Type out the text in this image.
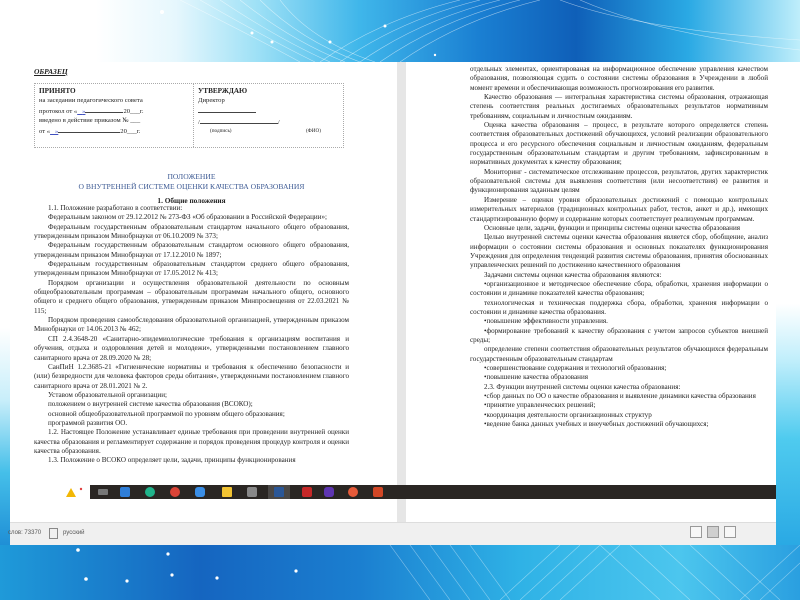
ОБРАЗЕЦ
ПРИНЯТО
на заседании педагогического совета
протокол от « »	20___г.
введено в действие приказом № ___
от « »	20___г.
УТВЕРЖДАЮ
Директор
/	/
(подпись)	(ФИО)
ПОЛОЖЕНИЕ
О ВНУТРЕННЕЙ СИСТЕМЕ ОЦЕНКИ КАЧЕСТВА ОБРАЗОВАНИЯ
1. Общие положения

1.1. Положение разработано в соответствии:

Федеральным законом от 29.12.2012 № 273-ФЗ «Об образовании в Российской Федерации»;

Федеральным государственным образовательным стандартом начального общего образования, утвержденным приказом Минобрнауки от 06.10.2009 № 373;

Федеральным государственным образовательным стандартом основного общего образования, утвержденным приказом Минобрнауки от 17.12.2010 № 1897;

Федеральным государственным образовательным стандартом среднего общего образования, утвержденным приказом Минобрнауки от 17.05.2012 № 413;

Порядком организации и осуществления образовательной деятельности по основным общеобразовательным программам – образовательным программам начального общего, основного общего и среднего общего образования, утвержденным приказом Минпросвещения от 22.03.2021 № 115;

Порядком проведения самообследования образовательной организацией, утвержденным приказом Минобрнауки от 14.06.2013 № 462;

СП 2.4.3648-20 «Санитарно-эпидемиологические требования к организациям воспитания и обучения, отдыха и оздоровления детей и молодежи», утвержденными постановлением главного санитарного врача от 28.09.2020 № 28;

СанПиН 1.2.3685-21 «Гигиенические нормативы и требования к обеспечению безопасности и (или) безвредности для человека факторов среды обитания», утвержденными постановлением главного санитарного врача от 28.01.2021 № 2.

Уставом образовательной организации;

положением о внутренней системе качества образования (ВСОКО);

основной общеобразовательной программой по уровням общего образования;

программой развития ОО.

1.2. Настоящее Положение устанавливает единые требования при проведении внутренней оценки качества образования и регламентирует содержание и порядок проведения процедур контроля и оценки качества образования.

1.3. Положение о ВСОКО определяет цели, задачи, принципы функционирования

отдельных элементах, ориентированая на информационное обеспечение управления качеством образования, позволяющая судить о состоянии системы образования в Учреждении в любой момент времени и обеспечивающая возможность прогнозирования его развития.

Качество образования — интегральная характеристика системы образования, отражающая степень соответствия реальных достигаемых образовательных результатов нормативным требованиям, социальным и личностным ожиданиям.

Оценка качества образования – процесс, в результате которого определяется степень соответствия образовательных достижений обучающихся, условий реализации образовательного процесса и его ресурсного обеспечения социальным и личностным ожиданиям, федеральным государственным образовательным стандартам и другим требованиям, зафиксированным в нормативных документах к качеству образования;

Мониторинг - систематическое отслеживание процессов, результатов, других характеристик образовательной системы для выявления соответствия (или несоответствия) ее развития и функционирования заданным целям

Измерение – оценки уровня образовательных достижений с помощью контрольных измерительных материалов (традиционных контрольных работ, тестов, анкет и др.), имеющих стандартизированную форму и содержание которых соответствует реализуемым программам.

Основные цели, задачи, функции и принципы системы оценки качества образования

Целью внутренней системы оценки качества образования является сбор, обобщение, анализ информации о состоянии системы образования и основных показателях функционирования Учреждения для определения тенденций развития системы образования, принятия обоснованных управленческих решений по достижению качественного образования

Задачами системы оценки качества образования являются:

•организационное и методическое обеспечение сбора, обработки, хранения информации о состоянии и динамике показателей качества образования;

технологическая и техническая поддержка сбора, обработки, хранения информации о состоянии и динамике качества образования.

•повышение эффективности управления.

•формирование требований к качеству образования с учетом запросов субъектов внешней среды;

определение степени соответствия образовательных результатов обучающихся федеральным государственным образовательным стандартам

•совершенствование содержания и технологий образования;

•повышение качества образования

2.3. Функции внутренней системы оценки качества образования:

•сбор данных по ОО о качестве образования и выявление динамики качества образования

•принятие управленческих решений;

•координация деятельности организационных структур

•ведение банка данных учебных и внеучебных достижений обучающихся;

слов: 73370	русский
